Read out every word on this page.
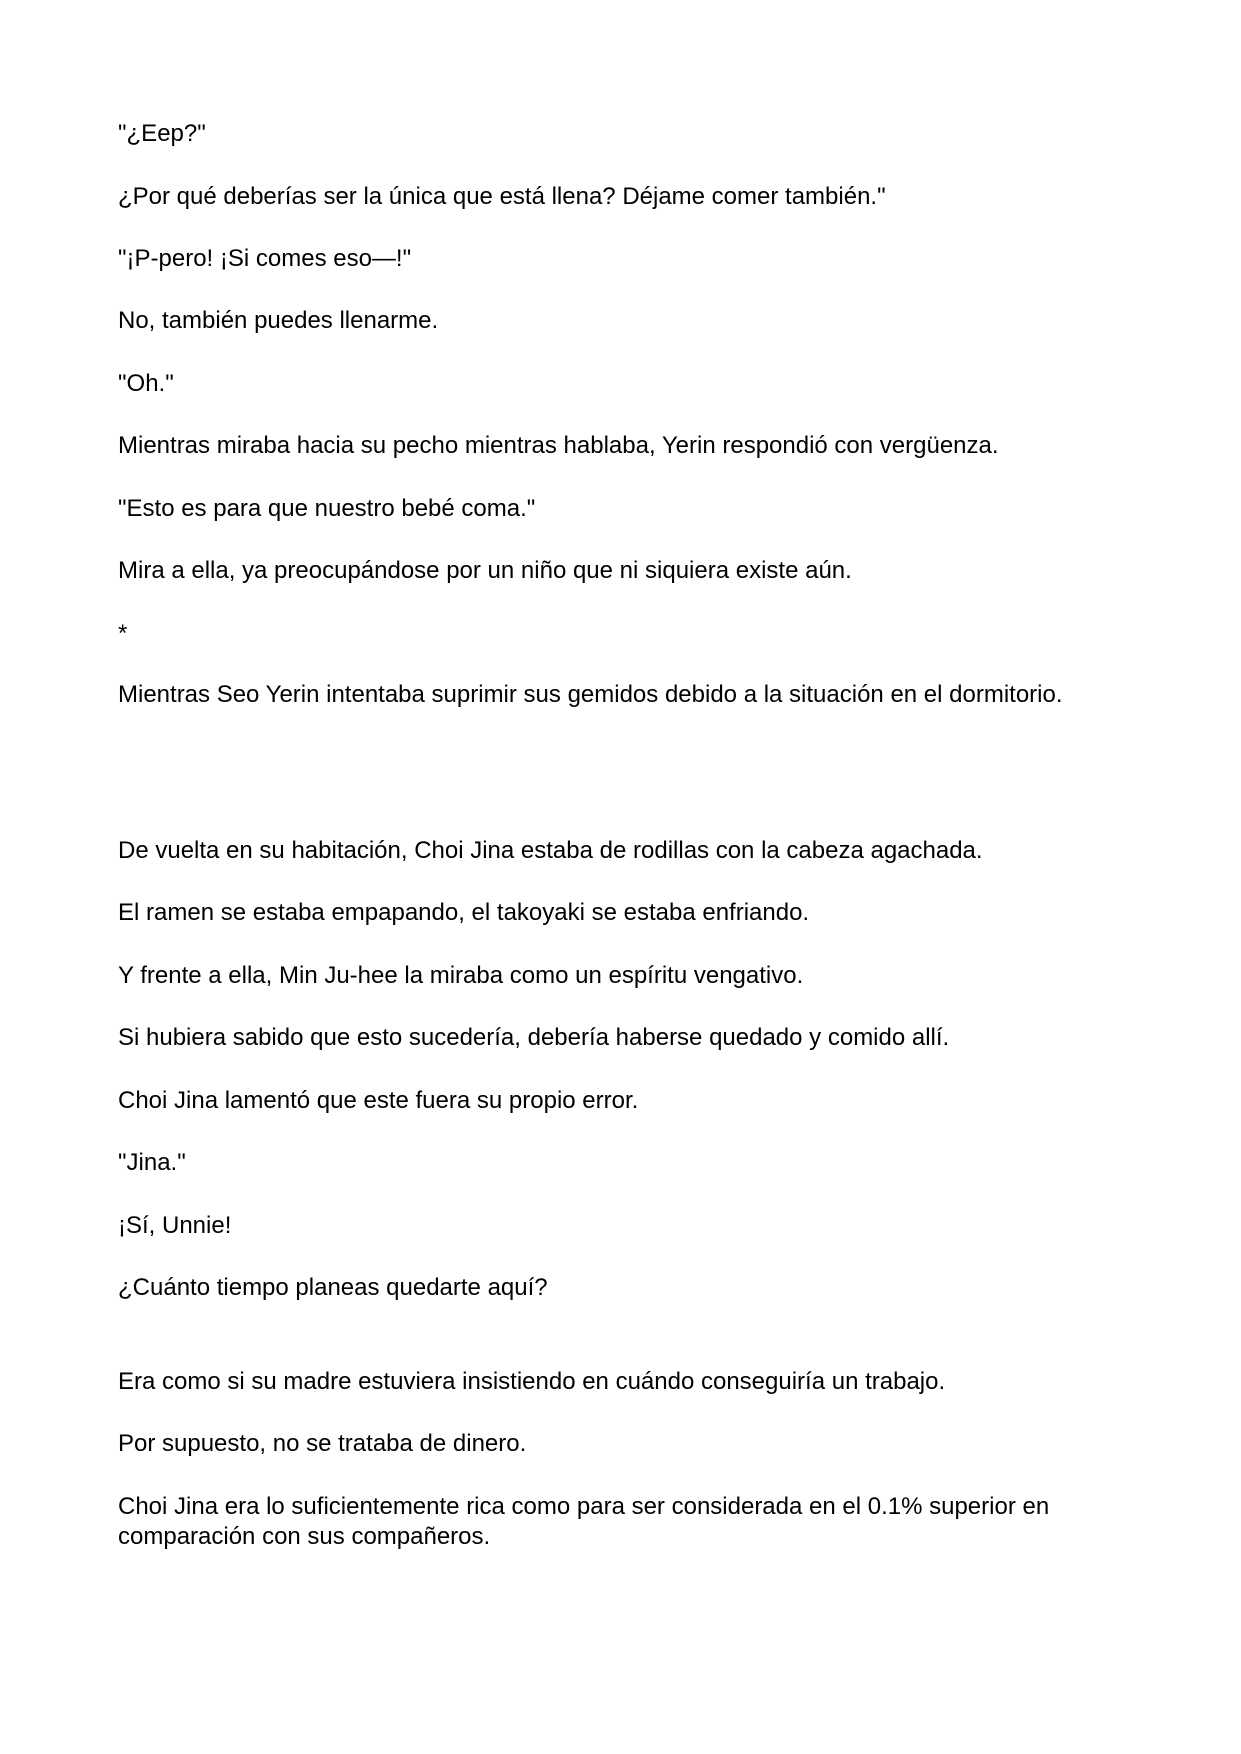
"¿Eep?"

¿Por qué deberías ser la única que está llena? Déjame comer también."

"¡P-pero! ¡Si comes eso—!"

No, también puedes llenarme.

"Oh."

Mientras miraba hacia su pecho mientras hablaba, Yerin respondió con vergüenza.

"Esto es para que nuestro bebé coma."

Mira a ella, ya preocupándose por un niño que ni siquiera existe aún.

*

Mientras Seo Yerin intentaba suprimir sus gemidos debido a la situación en el dormitorio.

De vuelta en su habitación, Choi Jina estaba de rodillas con la cabeza agachada.

El ramen se estaba empapando, el takoyaki se estaba enfriando.

Y frente a ella, Min Ju-hee la miraba como un espíritu vengativo.

Si hubiera sabido que esto sucedería, debería haberse quedado y comido allí.

Choi Jina lamentó que este fuera su propio error.

"Jina."

¡Sí, Unnie!

¿Cuánto tiempo planeas quedarte aquí?

Era como si su madre estuviera insistiendo en cuándo conseguiría un trabajo.

Por supuesto, no se trataba de dinero.

Choi Jina era lo suficientemente rica como para ser considerada en el 0.1% superior en comparación con sus compañeros.
